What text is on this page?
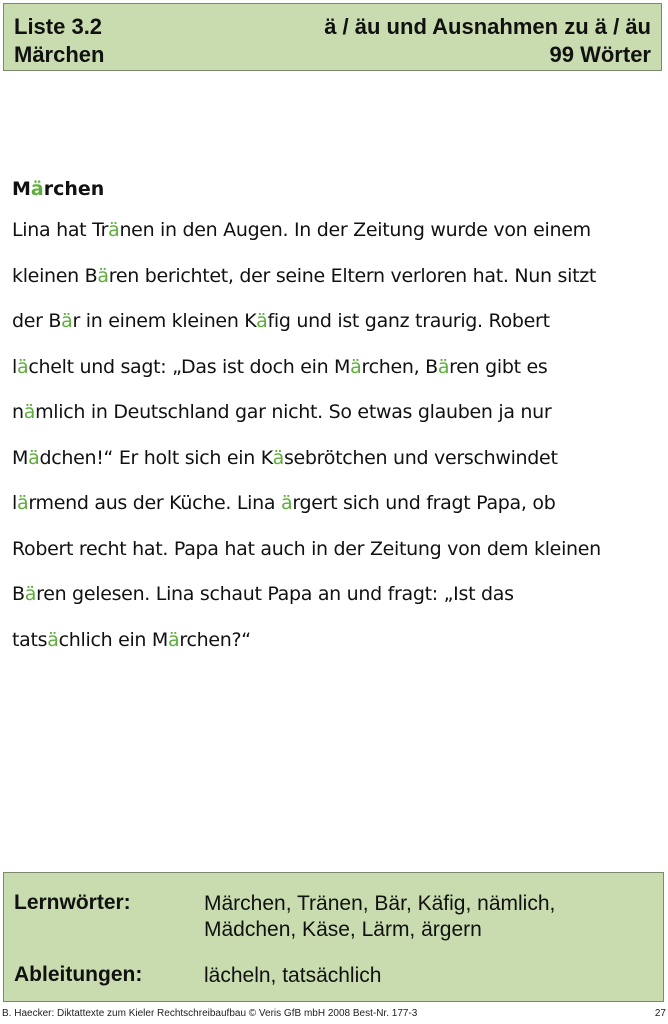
Liste 3.2
Märchen
ä / äu und Ausnahmen zu ä / äu
99 Wörter
Märchen
Lina hat Tränen in den Augen. In der Zeitung wurde von einem
kleinen Bären berichtet, der seine Eltern verloren hat. Nun sitzt
der Bär in einem kleinen Käfig und ist ganz traurig. Robert
lächelt und sagt: „Das ist doch ein Märchen, Bären gibt es
nämlich in Deutschland gar nicht. So etwas glauben ja nur
Mädchen!“ Er holt sich ein Käsebrötchen und verschwindet
lärmend aus der Küche. Lina ärgert sich und fragt Papa, ob
Robert recht hat. Papa hat auch in der Zeitung von dem kleinen
Bären gelesen. Lina schaut Papa an und fragt: „Ist das
tatsächlich ein Märchen?“
Lernwörter:	Märchen, Tränen, Bär, Käfig, nämlich,
Mädchen, Käse, Lärm, ärgern
Ableitungen:	lächeln, tatsächlich
B. Haecker: Diktattexte zum Kieler Rechtschreibaufbau © Veris GfB mbH 2008 Best-Nr. 177-3	27
